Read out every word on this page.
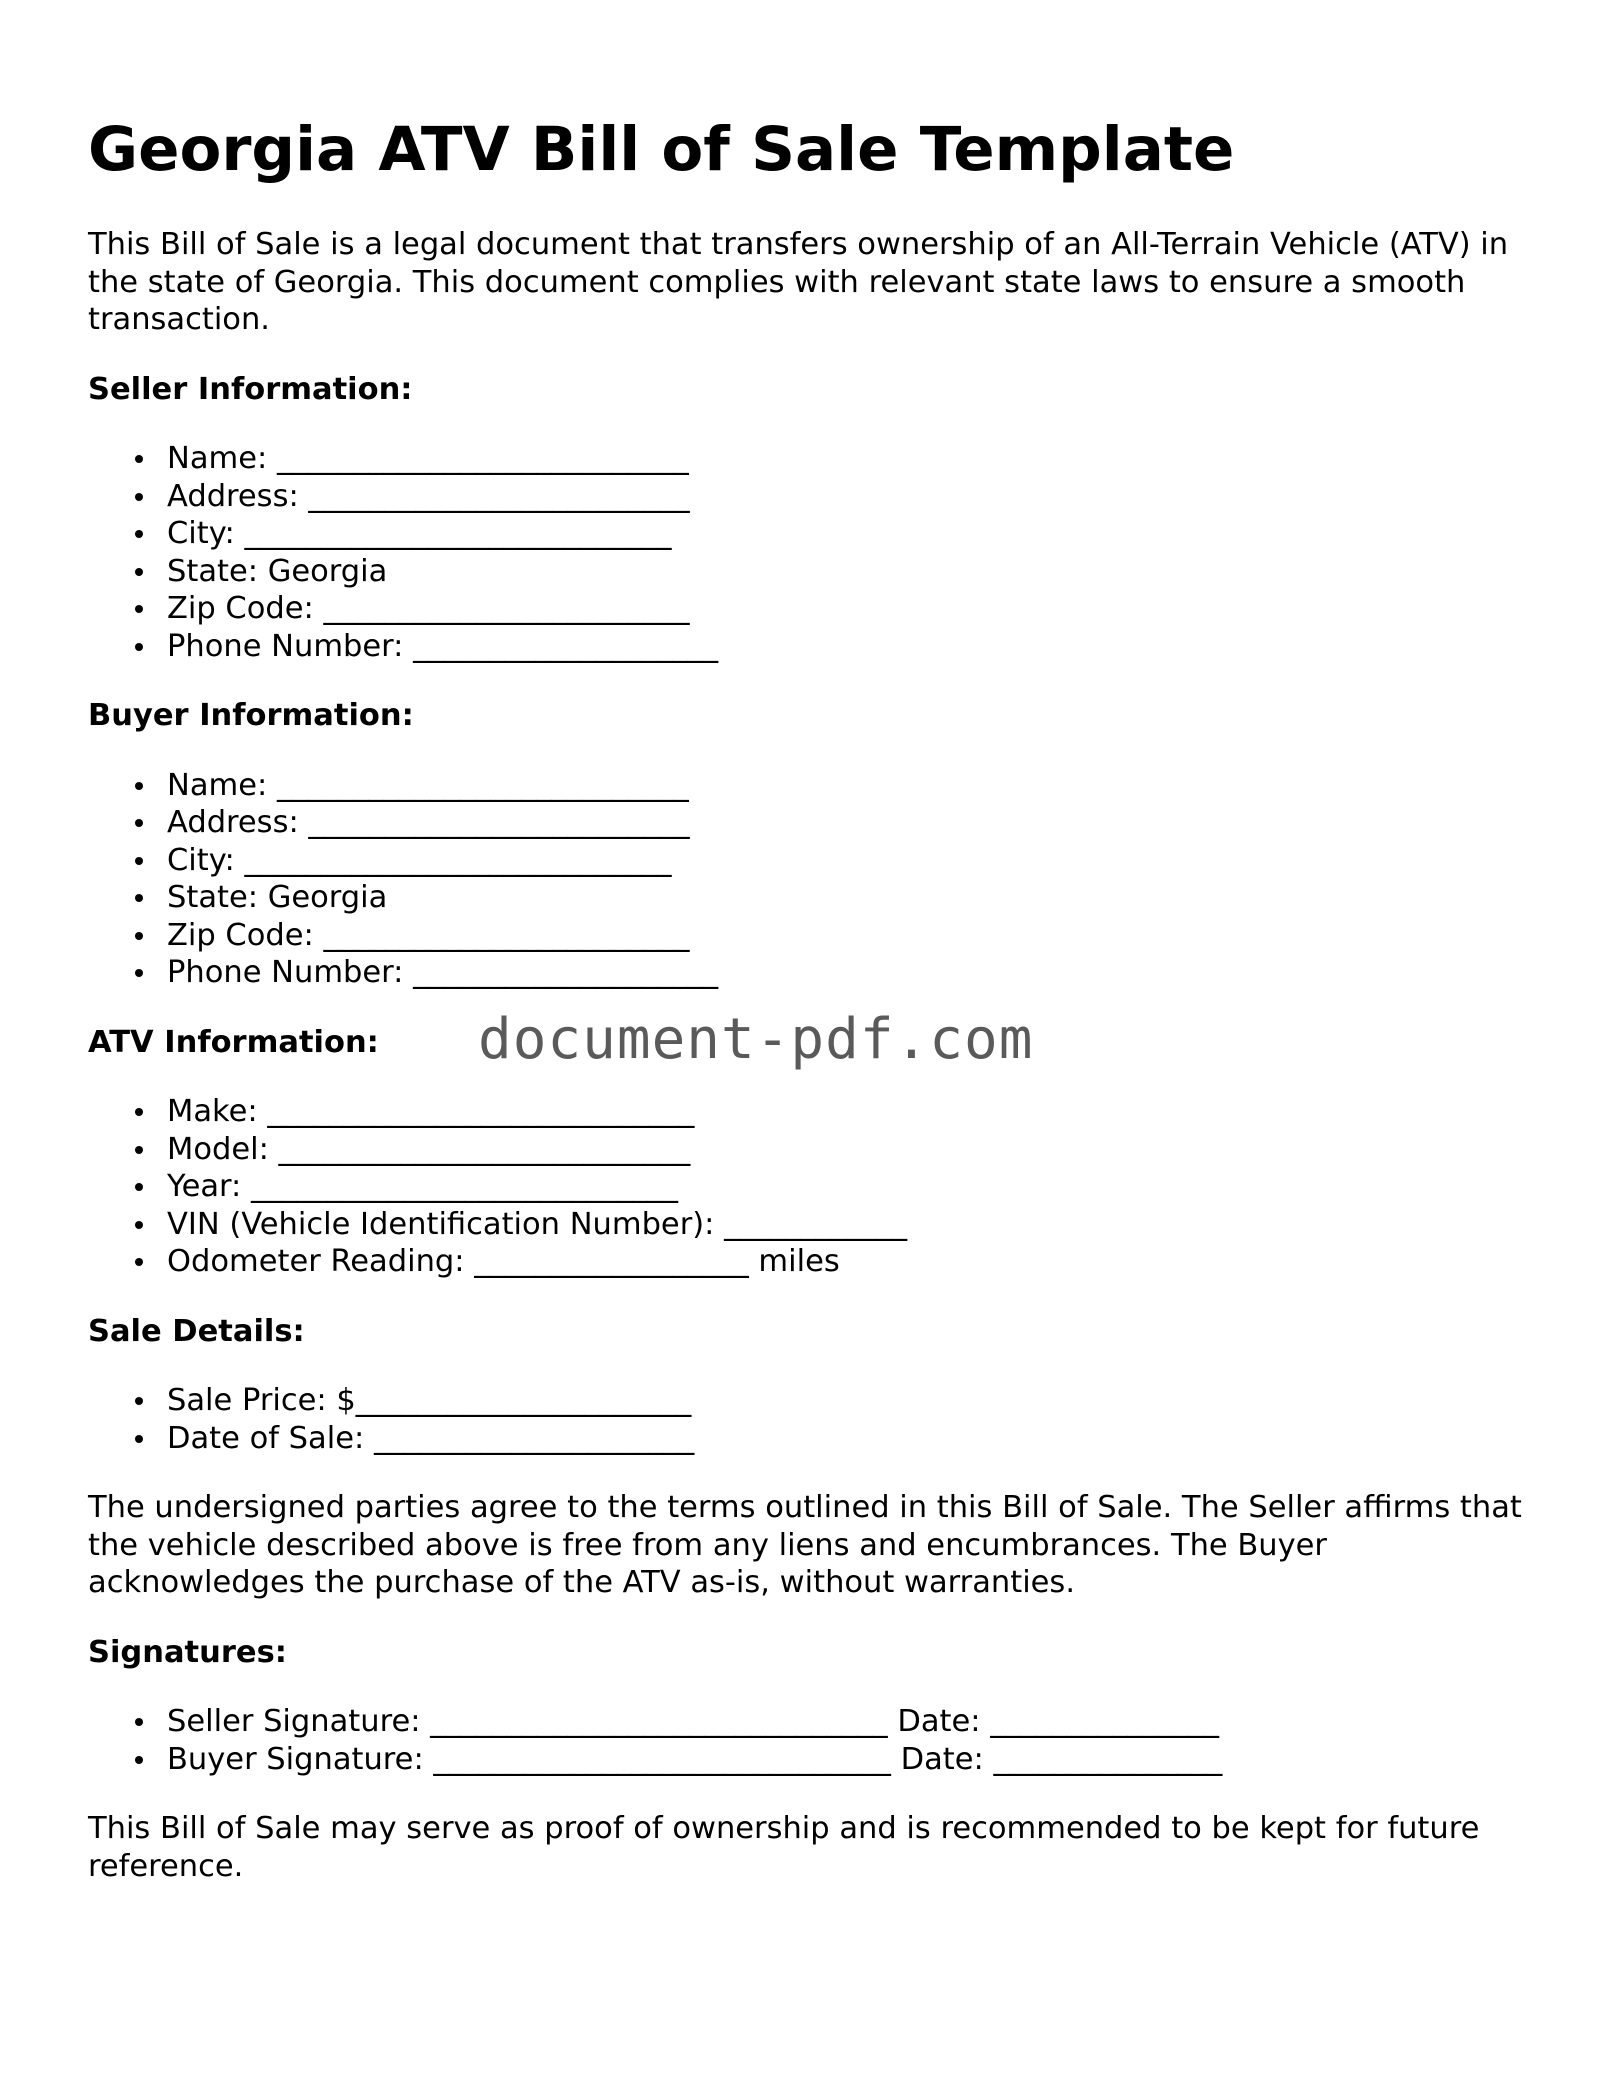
Georgia ATV Bill of Sale Template

This Bill of Sale is a legal document that transfers ownership of an All-Terrain Vehicle (ATV) in the state of Georgia. This document complies with relevant state laws to ensure a smooth transaction.

Seller Information:
Name: ___________________________
Address: _________________________
City: ____________________________
State: Georgia
Zip Code: ________________________
Phone Number: ____________________
Buyer Information:
Name: ___________________________
Address: _________________________
City: ____________________________
State: Georgia
Zip Code: ________________________
Phone Number: ____________________
ATV Information:
Make: ____________________________
Model: ___________________________
Year: ____________________________
VIN (Vehicle Identification Number): ____________
Odometer Reading: __________________ miles
Sale Details:
Sale Price: $______________________
Date of Sale: _____________________

The undersigned parties agree to the terms outlined in this Bill of Sale. The Seller affirms that the vehicle described above is free from any liens and encumbrances. The Buyer acknowledges the purchase of the ATV as-is, without warranties.

Signatures:
Seller Signature: ______________________________ Date: _______________
Buyer Signature: ______________________________ Date: _______________

This Bill of Sale may serve as proof of ownership and is recommended to be kept for future reference.

document-pdf.com
